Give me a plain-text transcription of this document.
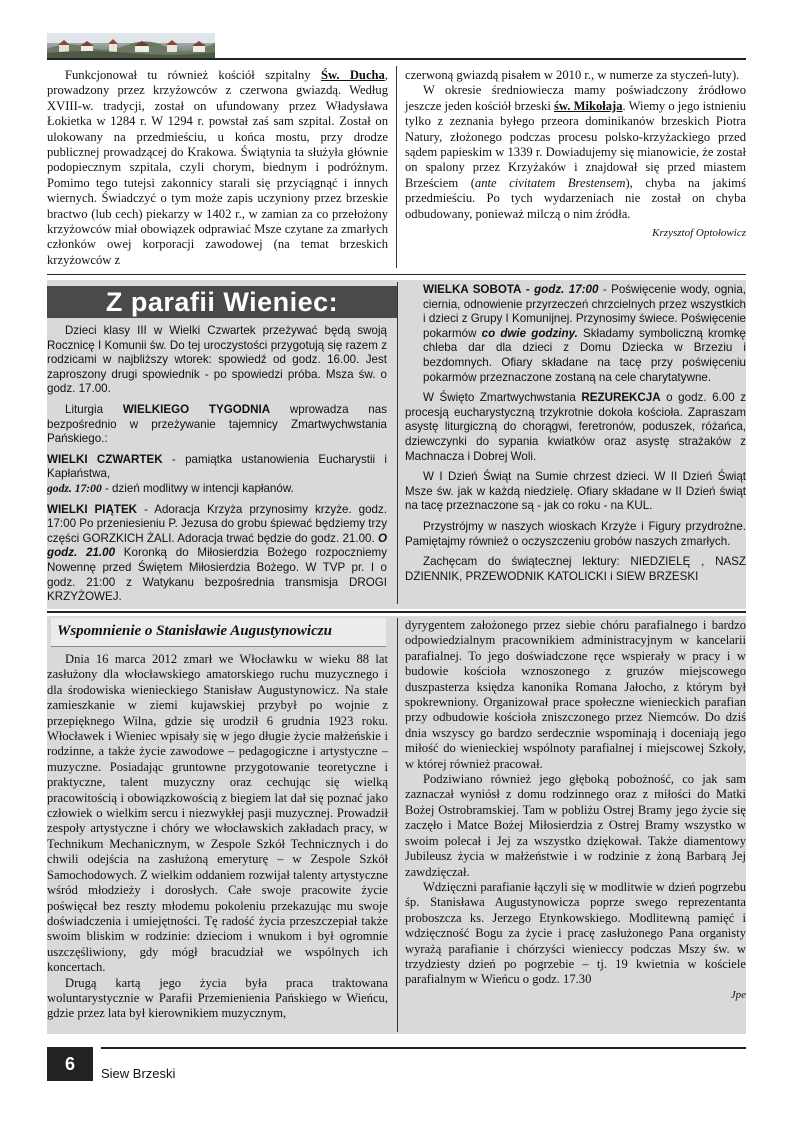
Funkcjonował tu również kościół szpitalny Św. Ducha, prowadzony przez krzyżowców z czerwona gwiazdą. Według XVIII-w. tradycji, został on ufundowany przez Władysława Łokietka w 1284 r. W 1294 r. powstał zaś sam szpital. Został on ulokowany na przedmieściu, u końca mostu, przy drodze publicznej prowadzącej do Krakowa. Świątynia ta służyła głównie podopiecznym szpitala, czyli chorym, biednym i podróżnym. Pomimo tego tutejsi zakonnicy starali się przyciągnąć i innych wiernych. Świadczyć o tym może zapis uczyniony przez brzeskie bractwo (lub cech) piekarzy w 1402 r., w zamian za co przełożony krzyżowców miał obowiązek odprawiać Msze czytane za zmarłych członków owej korporacji zawodowej (na temat brzeskich krzyżowców z

czerwoną gwiazdą pisałem w 2010 r., w numerze za styczeń-luty).

W okresie średniowiecza mamy poświadczony źródłowo jeszcze jeden kościół brzeski św. Mikołaja. Wiemy o jego istnieniu tylko z zeznania byłego przeora dominikanów brzeskich Piotra Natury, złożonego podczas procesu polsko-krzyżackiego przed sądem papieskim w 1339 r. Dowiadujemy się mianowicie, że został on spalony przez Krzyżaków i znajdował się przed miastem Brześciem (ante civitatem Brestensem), chyba na jakimś przedmieściu. Po tych wydarzeniach nie został on chyba odbudowany, ponieważ milczą o nim źródła.

Krzysztof Optołowicz
Z parafii Wieniec:

Dzieci klasy III w Wielki Czwartek przeżywać będą swoją Rocznicę I Komunii św. Do tej uroczystości przygotują się razem z rodzicami w najbliższy wtorek: spowiedź od godz. 16.00. Jest zaproszony drugi spowiednik - po spowiedzi próba. Msza św. o godz. 17.00.

Liturgia WIELKIEGO TYGODNIA wprowadza nas bezpośrednio w przeżywanie tajemnicy Zmartwychwstania Pańskiego.:

WIELKI CZWARTEK - pamiątka ustanowienia Eucharystii i Kapłaństwa,
godz. 17:00 - dzień modlitwy w intencji kapłanów.

WIELKI PIĄTEK - Adoracja Krzyża przynosimy krzyże. godz. 17:00 Po przeniesieniu P. Jezusa do grobu śpiewać będziemy trzy części GORZKICH ŻALI. Adoracja trwać będzie do godz. 21.00. O godz. 21.00 Koronką do Miłosierdzia Bożego rozpoczniemy Nowennę przed Świętem Miłosierdzia Bożego. W TVP pr. I o godz. 21:00 z Watykanu bezpośrednia transmisja DROGI KRZYŻOWEJ.

WIELKA SOBOTA - godz. 17:00 - Poświęcenie wody, ognia, ciernia, odnowienie przyrzeczeń chrzcielnych przez wszystkich i dzieci z Grupy I Komunijnej. Przynosimy świece. Poświęcenie pokarmów co dwie godziny. Składamy symboliczną kromkę chleba dar dla dzieci z Domu Dziecka w Brzeziu i bezdomnych. Ofiary składane na tacę przy poświęceniu pokarmów przeznaczone zostaną na cele charytatywne.

W Święto Zmartwychwstania REZUREKCJA o godz. 6.00 z procesją eucharystyczną trzykrotnie dokoła kościoła. Zapraszam asystę liturgiczną do chorągwi, feretronów, poduszek, różańca, dziewczynki do sypania kwiatków oraz asystę strażaków z Machnacza i Dobrej Woli.

W I Dzień Świąt na Sumie chrzest dzieci. W II Dzień Świąt Msze św. jak w każdą niedzielę. Ofiary składane w II Dzień świąt na tacę przeznaczone są - jak co roku - na KUL.

Przystrójmy w naszych wioskach Krzyże i Figury przydrożne. Pamiętajmy również o oczyszczeniu grobów naszych zmarłych.

Zachęcam do świątecznej lektury: NIEDZIELĘ , NASZ DZIENNIK, PRZEWODNIK KATOLICKI i SIEW BRZESKI

Wspomnienie o Stanisławie Augustynowiczu

Dnia 16 marca 2012 zmarł we Włocławku w wieku 88 lat zasłużony dla włocławskiego amatorskiego ruchu muzycznego i dla środowiska wienieckiego Stanisław Augustynowicz. Na stałe zamieszkanie w ziemi kujawskiej przybył po wojnie z przepięknego Wilna, gdzie się urodził 6 grudnia 1923 roku. Włocławek i Wieniec wpisały się w jego długie życie małżeńskie i rodzinne, a także życie zawodowe – pedagogiczne i artystyczne – muzyczne. Posiadając gruntowne przygotowanie teoretyczne i praktyczne, talent muzyczny oraz cechując się wielką pracowitością i obowiązkowością z biegiem lat dał się poznać jako człowiek o wielkim sercu i niezwykłej pasji muzycznej. Prowadził zespoły artystyczne i chóry we włocławskich zakładach pracy, w Technikum Mechanicznym, w Zespole Szkół Technicznych i do chwili odejścia na zasłużoną emeryturę – w Zespole Szkół Samochodowych. Z wielkim oddaniem rozwijał talenty artystyczne wśród młodzieży i dorosłych. Całe swoje pracowite życie poświęcał bez reszty młodemu pokoleniu przekazując mu swoje doświadczenia i umiejętności. Tę radość życia przeszczepiał także swoim bliskim w rodzinie: dzieciom i wnukom i był ogromnie uszczęśliwiony, gdy mógł bracudział we wspólnych ich koncertach.

Drugą kartą jego życia była praca traktowana woluntarystycznie w Parafii Przemienienia Pańskiego w Wieńcu, gdzie przez lata był kierownikiem muzycznym,

dyrygentem założonego przez siebie chóru parafialnego i bardzo odpowiedzialnym pracownikiem administracyjnym w kancelarii parafialnej. To jego doświadczone ręce wspierały w pracy i w budowie kościoła wznoszonego z gruzów miejscowego duszpasterza księdza kanonika Romana Jałocho, z którym był spokrewniony. Organizował prace społeczne wienieckich parafian przy odbudowie kościoła zniszczonego przez Niemców. Do dziś dnia wszyscy go bardzo serdecznie wspominają i doceniają jego miłość do wienieckiej wspólnoty parafialnej i miejscowej Szkoły, w której również pracował.

Podziwiano również jego głęboką pobożność, co jak sam zaznaczał wyniósł z domu rodzinnego oraz z miłości do Matki Bożej Ostrobramskiej. Tam w pobliżu Ostrej Bramy jego życie się zaczęło i Matce Bożej Miłosierdzia z Ostrej Bramy wszystko w swoim polecał i Jej za wszystko dziękował. Także diamentowy Jubileusz życia w małżeństwie i w rodzinie z żoną Barbarą Jej zawdzięczał.

Wdzięczni parafianie łączyli się w modlitwie w dzień pogrzebu śp. Stanisława Augustynowicza poprze swego reprezentanta proboszcza ks. Jerzego Etynkowskiego. Modlitewną pamięć i wdzięczność Bogu za życie i pracę zasłużonego Pana organisty wyrażą parafianie i chórzyści wienieccy podczas Mszy św. w trzydziesty dzień po pogrzebie – tj. 19 kwietnia w kościele parafialnym w Wieńcu o godz. 17.30

Jpe
6	Siew Brzeski
